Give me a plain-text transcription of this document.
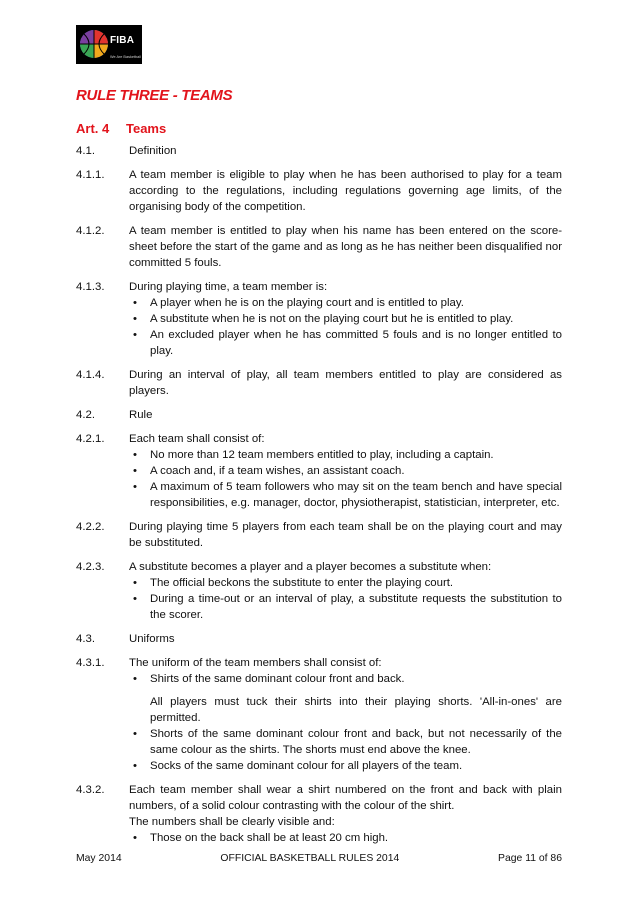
FIBA
We Are Basketball
RULE THREE - TEAMS
Art. 4 Teams
4.1.	Definition
4.1.1.	A team member is eligible to play when he has been authorised to play for a team according to the regulations, including regulations governing age limits, of the organising body of the competition.
4.1.2.	A team member is entitled to play when his name has been entered on the score-sheet before the start of the game and as long as he has neither been disqualified nor committed 5 fouls.
4.1.3.	During playing time, a team member is:
•	A player when he is on the playing court and is entitled to play.
•	A substitute when he is not on the playing court but he is entitled to play.
•	An excluded player when he has committed 5 fouls and is no longer entitled to play.
4.1.4.	During an interval of play, all team members entitled to play are considered as players.
4.2.	Rule
4.2.1.	Each team shall consist of:
•	No more than 12 team members entitled to play, including a captain.
•	A coach and, if a team wishes, an assistant coach.
•	A maximum of 5 team followers who may sit on the team bench and have special responsibilities, e.g. manager, doctor, physiotherapist, statistician, interpreter, etc.
4.2.2.	During playing time 5 players from each team shall be on the playing court and may be substituted.
4.2.3.	A substitute becomes a player and a player becomes a substitute when:
•	The official beckons the substitute to enter the playing court.
•	During a time-out or an interval of play, a substitute requests the substitution to the scorer.
4.3.	Uniforms
4.3.1.	The uniform of the team members shall consist of:
•	Shirts of the same dominant colour front and back.
All players must tuck their shirts into their playing shorts. 'All-in-ones' are permitted.
•	Shorts of the same dominant colour front and back, but not necessarily of the same colour as the shirts. The shorts must end above the knee.
•	Socks of the same dominant colour for all players of the team.
4.3.2.	Each team member shall wear a shirt numbered on the front and back with plain numbers, of a solid colour contrasting with the colour of the shirt.
The numbers shall be clearly visible and:
•	Those on the back shall be at least 20 cm high.
May 2014	OFFICIAL BASKETBALL RULES 2014	Page 11 of 86
